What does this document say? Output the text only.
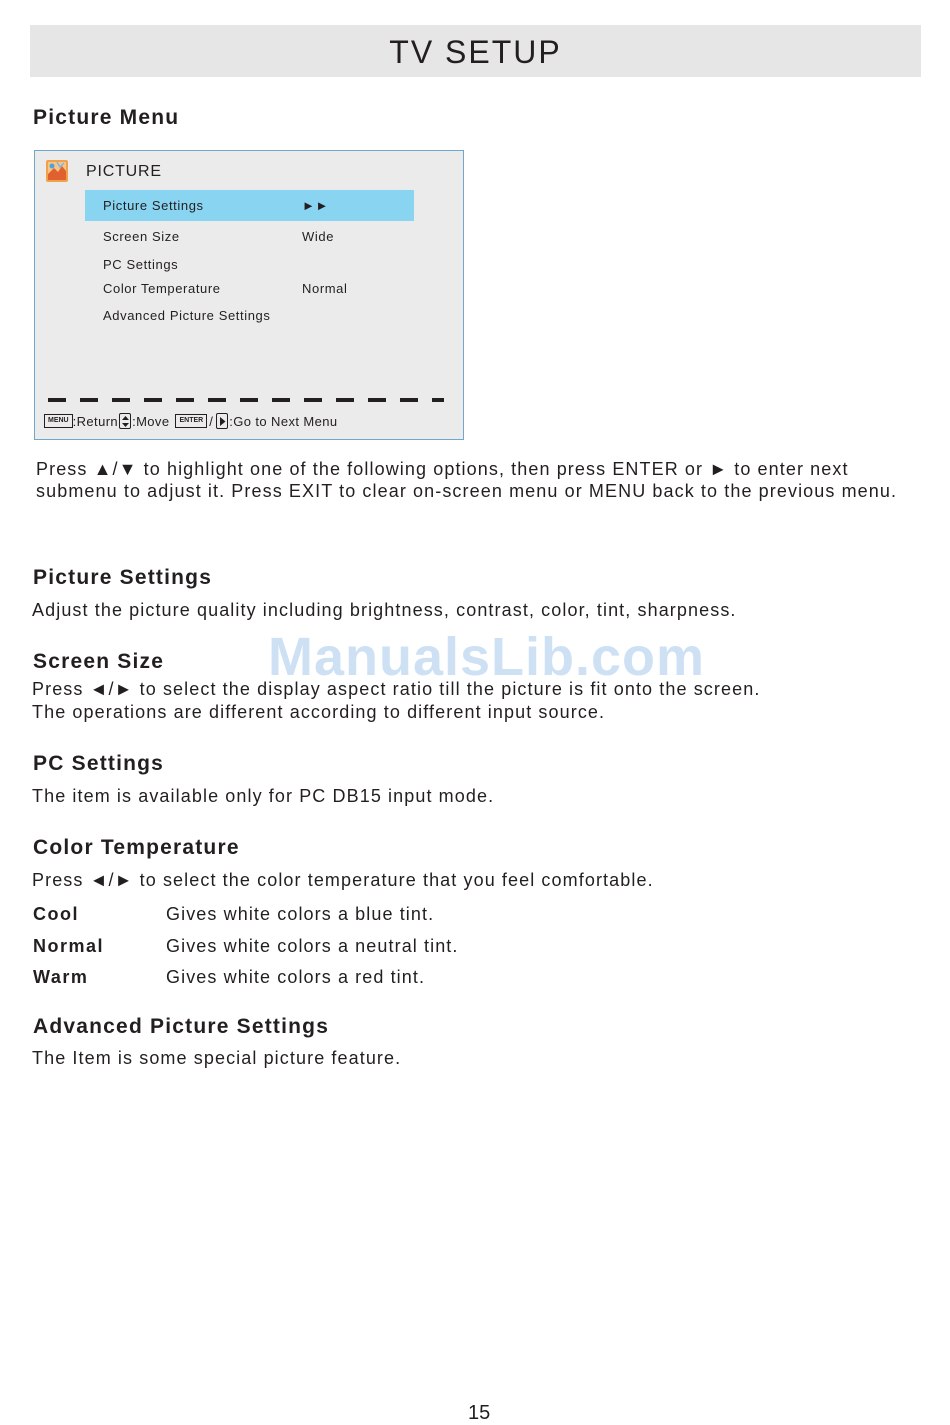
TV SETUP
Picture Menu
PICTURE
Picture Settings	►►
Screen Size	Wide
PC Settings
Color Temperature	Normal
Advanced Picture Settings
MENU :Return :Move	ENTER / :Go to Next Menu
Press ▲/▼ to highlight one of the following options, then press ENTER or ► to enter next submenu to adjust it. Press EXIT to clear on-screen menu or MENU back to the previous menu.
Picture Settings
Adjust the picture quality including brightness, contrast, color, tint, sharpness.
ManualsLib.com
Screen Size
Press ◄/► to select the display aspect ratio till the picture is fit onto the screen.
The operations are different according to different input source.
PC Settings
The item is available only for PC DB15 input mode.
Color Temperature
Press ◄/► to select the color temperature that you feel comfortable.
Cool	Gives white colors a blue tint.
Normal	Gives white colors a neutral tint.
Warm	Gives white colors a red tint.
Advanced Picture Settings
The Item is some special picture feature.
15
